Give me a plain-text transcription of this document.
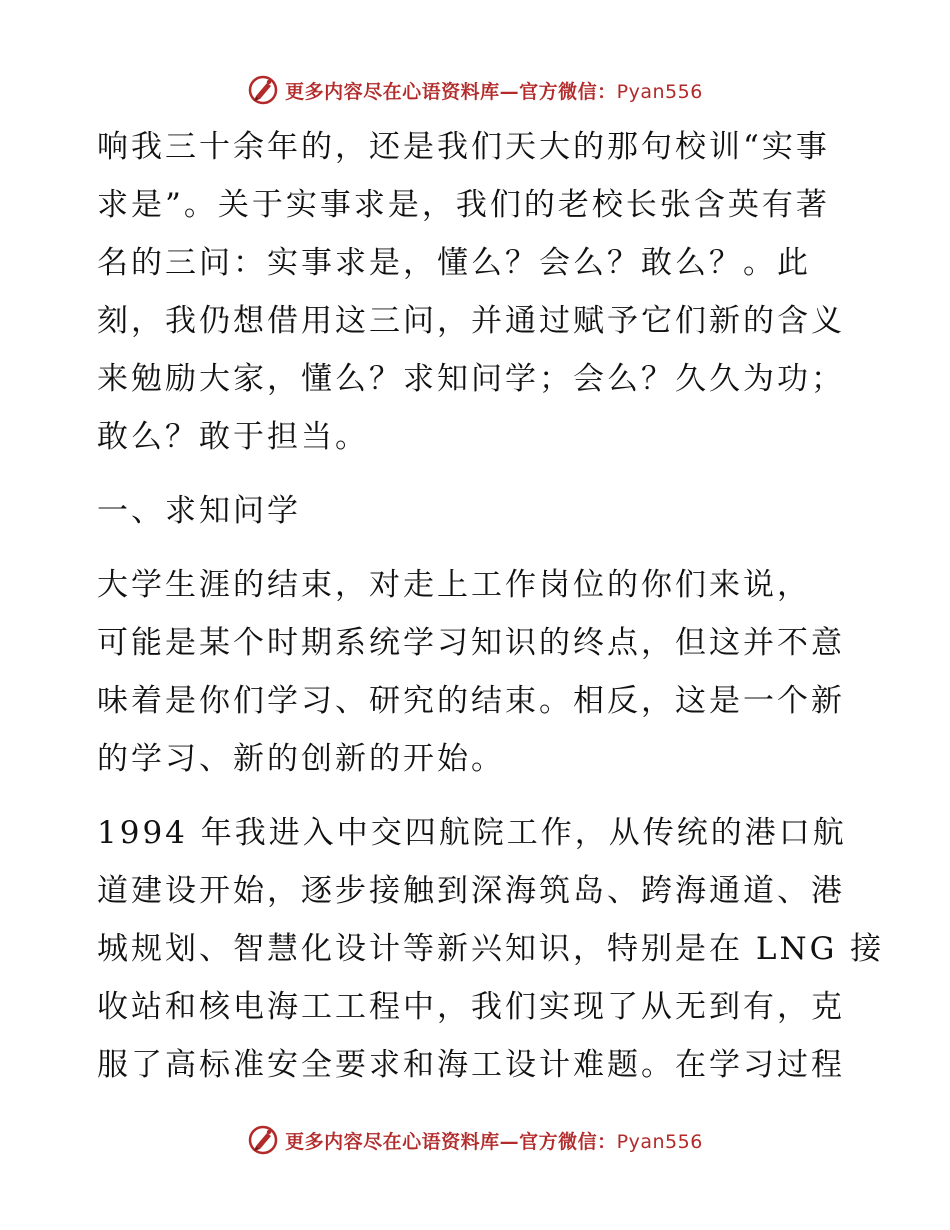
更多内容尽在心语资料库—官方微信：Pyan556

响我三十余年的，还是我们天大的那句校训“实事
求是”。关于实事求是，我们的老校长张含英有著
名的三问：实事求是，懂么？会么？敢么？。此
刻，我仍想借用这三问，并通过赋予它们新的含义
来勉励大家，懂么？求知问学；会么？久久为功；
敢么？敢于担当。

一、求知问学

大学生涯的结束，对走上工作岗位的你们来说，
可能是某个时期系统学习知识的终点，但这并不意
味着是你们学习、研究的结束。相反，这是一个新
的学习、新的创新的开始。

1994 年我进入中交四航院工作，从传统的港口航
道建设开始，逐步接触到深海筑岛、跨海通道、港
城规划、智慧化设计等新兴知识，特别是在 LNG 接
收站和核电海工工程中，我们实现了从无到有，克
服了高标准安全要求和海工设计难题。在学习过程

更多内容尽在心语资料库—官方微信：Pyan556
